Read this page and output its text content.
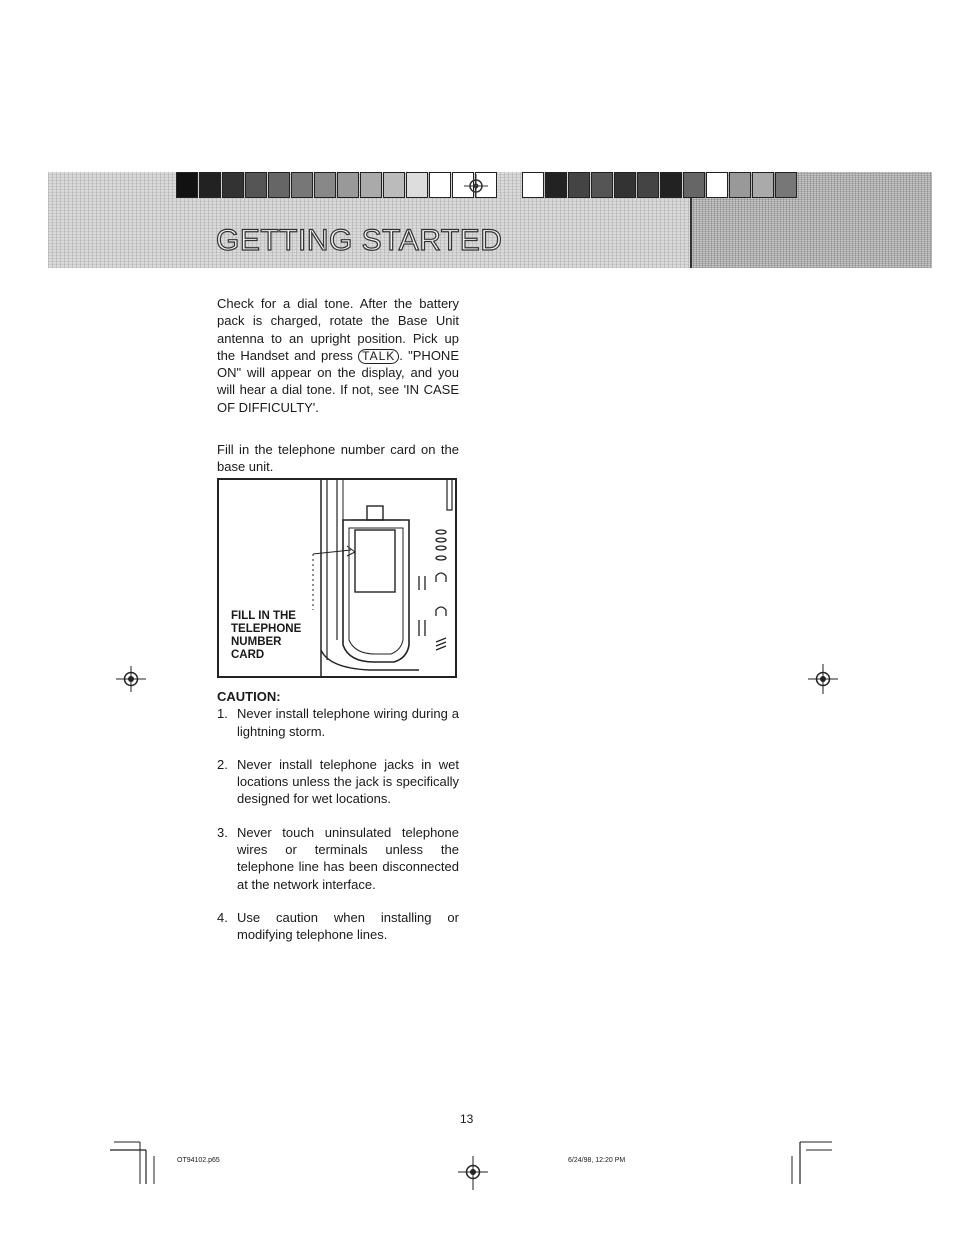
GETTING STARTED

Check for a dial tone. After the battery pack is charged, rotate the Base Unit antenna to an upright position. Pick up the Handset and press TALK . "PHONE ON" will appear on the display, and you will hear a dial tone. If not, see 'IN CASE OF DIFFICULTY'.

Fill in the telephone number card on the base unit.

FILL IN THE
TELEPHONE
NUMBER
CARD
CAUTION:
1. Never install telephone wiring during a lightning storm.
2. Never install telephone jacks in wet locations unless the jack is specifically designed for wet locations.
3. Never touch uninsulated telephone wires or terminals unless the telephone line has been disconnected at the network interface.
4. Use caution when installing or modifying telephone lines.
13
OT94102.p65	6/24/98, 12:20 PM
